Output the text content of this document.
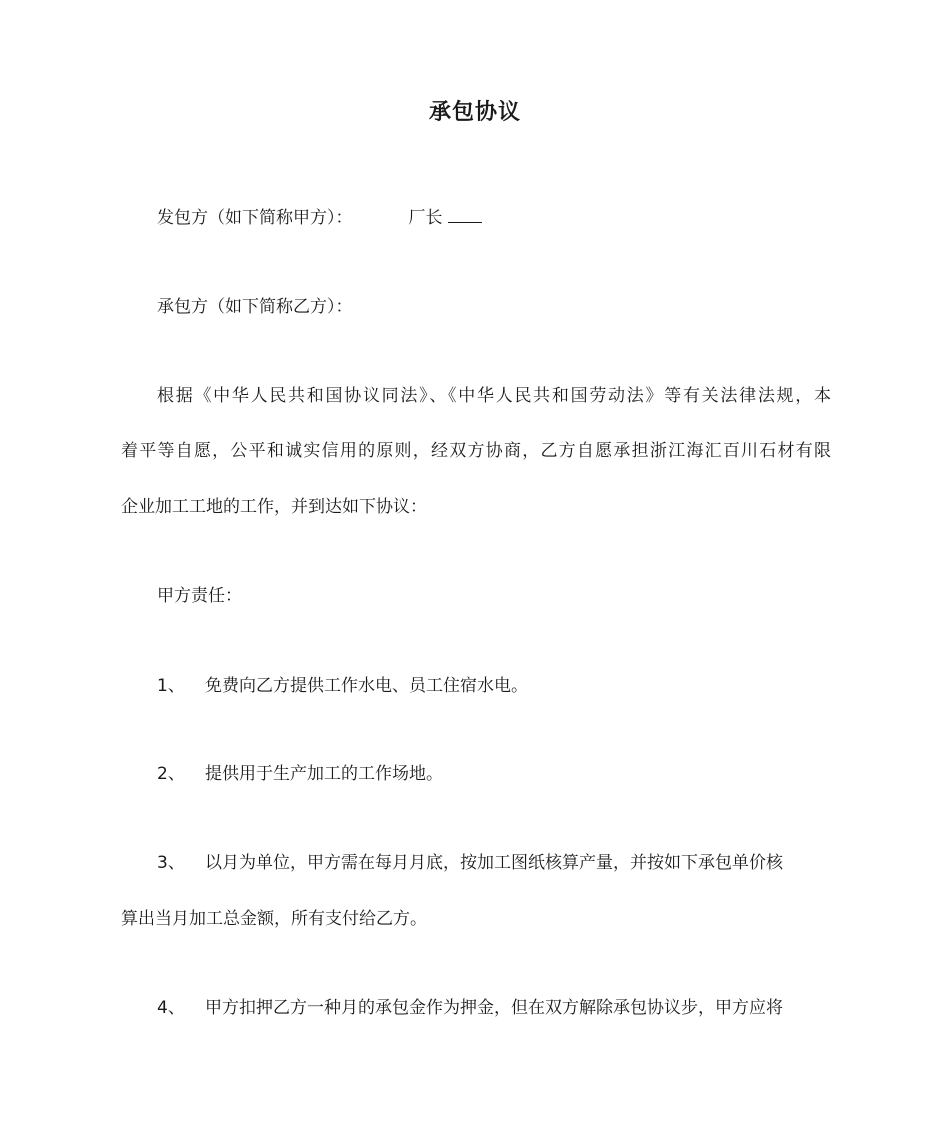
承包协议
发包方（如下简称甲方）：	厂长
承包方（如下简称乙方）：
根据《中华人民共和国协议同法》、《中华人民共和国劳动法》等有关法律法规，本
着平等自愿，公平和诚实信用的原则，经双方协商，乙方自愿承担浙江海汇百川石材有限
企业加工工地的工作，并到达如下协议：
甲方责任：
1、 免费向乙方提供工作水电、员工住宿水电。
2、 提供用于生产加工的工作场地。
3、 以月为单位，甲方需在每月月底，按加工图纸核算产量，并按如下承包单价核
算出当月加工总金额，所有支付给乙方。
4、 甲方扣押乙方一种月的承包金作为押金，但在双方解除承包协议步，甲方应将
